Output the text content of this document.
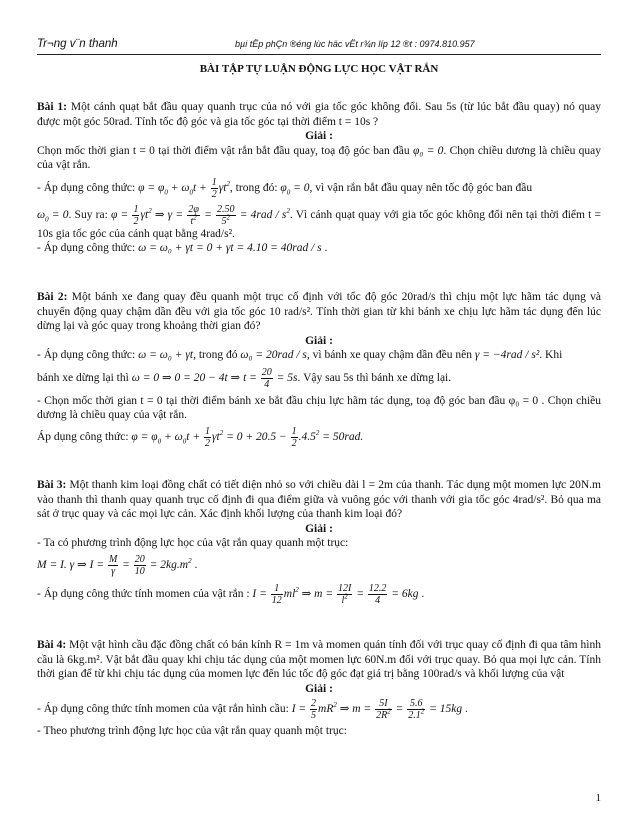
Tr¬ng v¨n thanh	bµi tËp phÇn ®éng lùc häc vËt r¾n líp 12 ®t : 0974.810.957
BÀI TẬP TỰ LUẬN ĐỘNG LỰC HỌC VẬT RẮN
Bài 1: Một cánh quạt bắt đầu quay quanh trục của nó với gia tốc góc không đổi. Sau 5s (từ lúc bắt đầu quay) nó quay được một góc 50rad. Tính tốc độ góc và gia tốc góc tại thời điểm t = 10s ?
Giải :
Chọn mốc thời gian t = 0 tại thời điểm vật rắn bắt đầu quay, toạ độ góc ban đầu φ₀ = 0. Chọn chiều dương là chiều quay của vật rắn.
- Áp dụng công thức: $\varphi = \varphi_0 + \omega_0t + \frac{1}{2} \gamma t^2$, trong đó: $\varphi_0 = 0$, vì vận rắn bắt đầu quay nên tốc độ góc ban đầu
$\omega_0 = 0$. Suy ra: $\varphi = \frac{1}{2} \gamma t^2$ ⇒ $\gamma = \frac{2\varphi}{t^2} = \frac{2.50}{5^2} = 4rad / s^2$. Vì cánh quạt quay với gia tốc góc không đổi nên tại thời điểm t = 10s gia tốc góc của cánh quạt bằng 4rad/s².
- Áp dụng công thức: ω = ω₀ + γt = 0 + γt = 4.10 = 40rad / s .
Bài 2: Một bánh xe đang quay đều quanh một trục cố định với tốc độ góc 20rad/s thì chịu một lực hãm tác dụng và chuyển động quay chậm dần đều với gia tốc góc 10 rad/s². Tính thời gian từ khi bánh xe chịu lực hãm tác dụng đến lúc dừng lại và góc quay trong khoảng thời gian đó?
Giải :
- Áp dụng công thức: ω = ω₀ + γt, trong đó ω₀ = 20rad / s, vì bánh xe quay chậm dần đều nên γ = −4rad / s². Khi
bánh xe dừng lại thì ω = 0 ⇒ 0 = 20 − 4t ⇒ $t = \frac{20}{4} = 5s$. Vậy sau 5s thì bánh xe dừng lại.
- Chọn mốc thời gian t = 0 tại thời điểm bánh xe bắt đầu chịu lực hãm tác dụng, toạ độ góc ban đầu φ₀ = 0 . Chọn chiều dương là chiều quay của vật rắn.
Áp dụng công thức: $\varphi = \varphi_0 + \omega_0t + \frac{1}{2} \gamma t^2 = 0 + 20.5 - \frac{1}{2} .4.5^2 = 50rad$.
Bài 3: Một thanh kim loại đồng chất có tiết diện nhỏ so với chiều dài l = 2m của thanh. Tác dụng một momen lực 20N.m vào thanh thì thanh quay quanh trục cố định đi qua điểm giữa và vuông góc với thanh với gia tốc góc 4rad/s². Bỏ qua ma sát ở trục quay và các mọi lực cản. Xác định khối lượng của thanh kim loại đó?
Giải :
- Ta có phương trình động lực học của vật rắn quay quanh một trục:
M = I. γ ⇒ $I = \frac{M}{\gamma} = \frac{20}{10} = 2kg.m^2$ .
- Áp dụng công thức tính momen của vật rắn : $I = \frac{1}{12} ml^2$ ⇒ $m = \frac{12I}{l^2} = \frac{12.2}{4} = 6kg$ .
Bài 4: Một vật hình cầu đặc đồng chất có bán kính R = 1m và momen quán tính đối với trục quay cố định đi qua tâm hình cầu là 6kg.m². Vật bắt đầu quay khi chịu tác dụng của một momen lực 60N.m đối với trục quay. Bỏ qua mọi lực cản. Tính thời gian để từ khi chịu tác dụng của momen lực đến lúc tốc độ góc đạt giá trị bằng 100rad/s và khối lượng của vật
Giải :
- Áp dụng công thức tính momen của vật rắn hình cầu: $I = \frac{2}{5} mR^2$ ⇒ $m = \frac{5I}{2R^2} = \frac{5.6}{2.1^2} = 15kg$ .
- Theo phương trình động lực học của vật rắn quay quanh một trục:
1
